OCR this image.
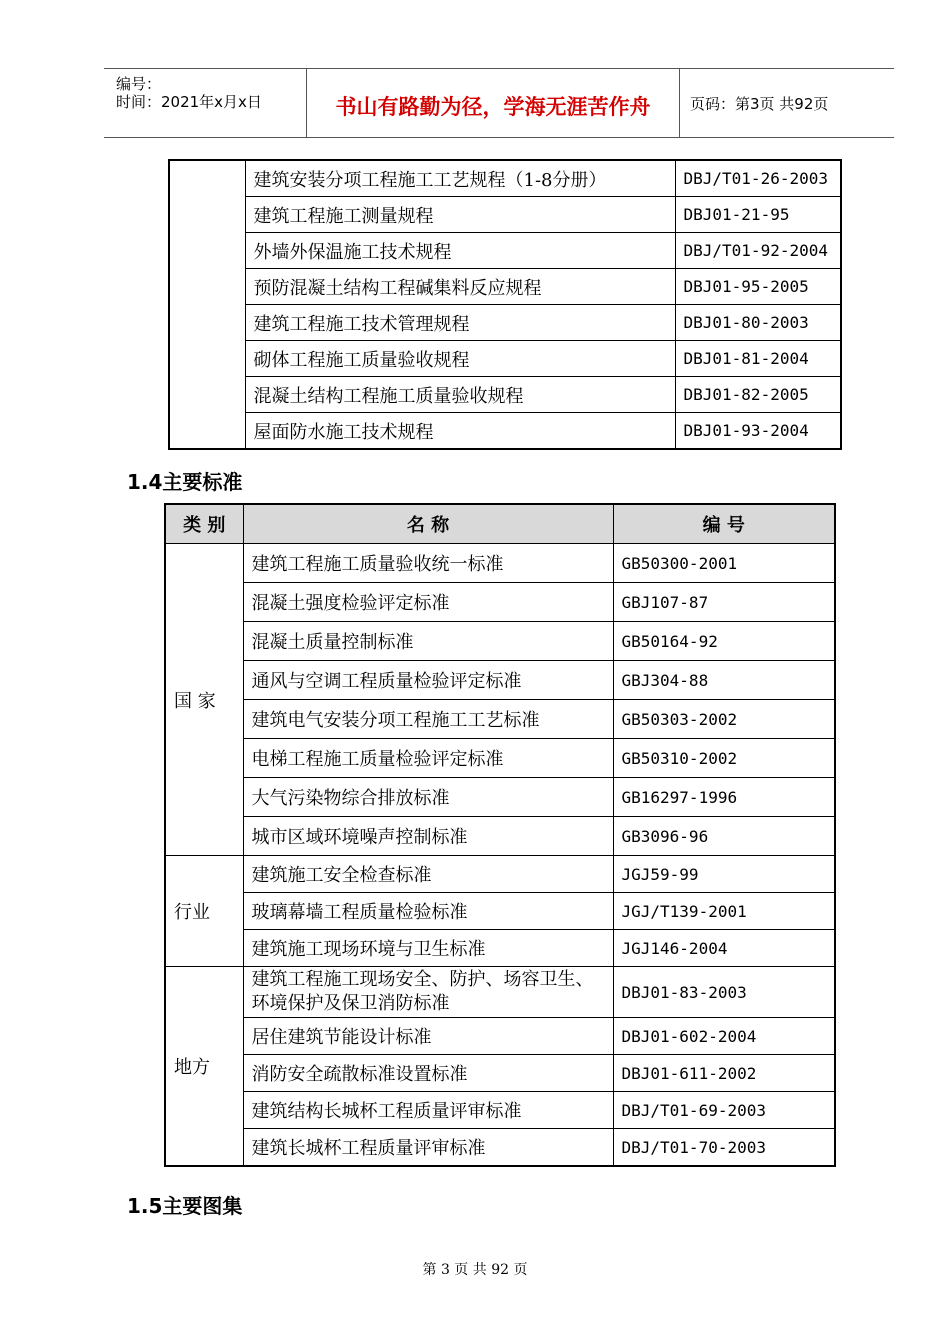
编号：
时间：2021年x月x日	书山有路勤为径，学海无涯苦作舟	页码：第3页 共92页
	建筑安装分项工程施工工艺规程（1-8分册）	DBJ/T01-26-2003
	建筑工程施工测量规程	DBJ01-21-95
	外墙外保温施工技术规程	DBJ/T01-92-2004
	预防混凝土结构工程碱集料反应规程	DBJ01-95-2005
	建筑工程施工技术管理规程	DBJ01-80-2003
	砌体工程施工质量验收规程	DBJ01-81-2004
	混凝土结构工程施工质量验收规程	DBJ01-82-2005
	屋面防水施工技术规程	DBJ01-93-2004
1.4主要标准
类 别	名 称	编 号
国 家	建筑工程施工质量验收统一标准	GB50300-2001
	混凝土强度检验评定标准	GBJ107-87
	混凝土质量控制标准	GB50164-92
	通风与空调工程质量检验评定标准	GBJ304-88
	建筑电气安装分项工程施工工艺标准	GB50303-2002
	电梯工程施工质量检验评定标准	GB50310-2002
	大气污染物综合排放标准	GB16297-1996
	城市区域环境噪声控制标准	GB3096-96
行业	建筑施工安全检查标准	JGJ59-99
	玻璃幕墙工程质量检验标准	JGJ/T139-2001
	建筑施工现场环境与卫生标准	JGJ146-2004
地方	建筑工程施工现场安全、防护、场容卫生、环境保护及保卫消防标准	DBJ01-83-2003
	居住建筑节能设计标准	DBJ01-602-2004
	消防安全疏散标准设置标准	DBJ01-611-2002
	建筑结构长城杯工程质量评审标准	DBJ/T01-69-2003
	建筑长城杯工程质量评审标准	DBJ/T01-70-2003
1.5主要图集
第 3 页 共 92 页
